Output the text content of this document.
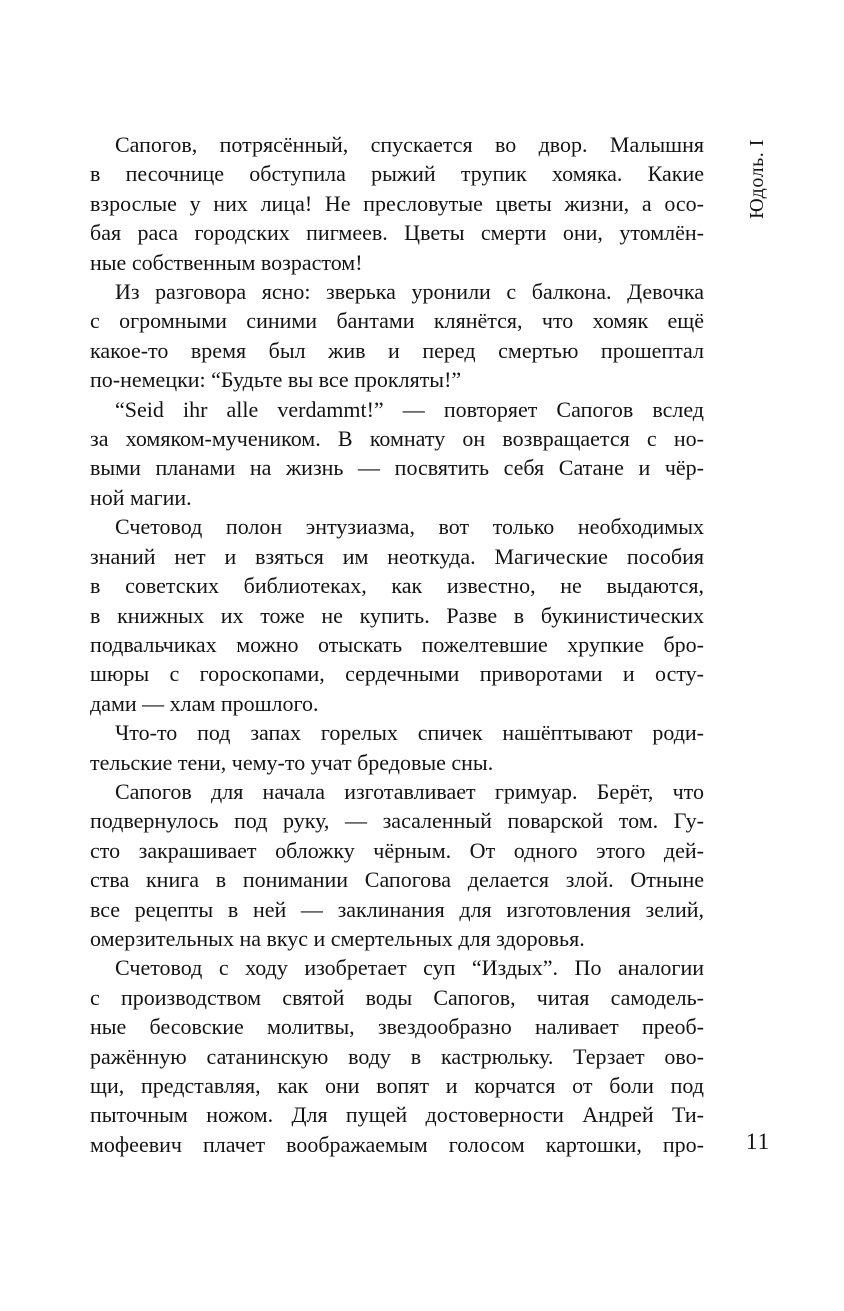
Юдоль. I

Сапогов, потрясённый, спускается во двор. Малышня
в песочнице обступила рыжий трупик хомяка. Какие
взрослые у них лица! Не пресловутые цветы жизни, а осо-
бая раса городских пигмеев. Цветы смерти они, утомлён-
ные собственным возрастом!

Из разговора ясно: зверька уронили с балкона. Девочка
с огромными синими бантами клянётся, что хомяк ещё
какое-то время был жив и перед смертью прошептал
по-немецки: “Будьте вы все прокляты!”

“Seid ihr alle verdammt!” — повторяет Сапогов вслед
за хомяком-мучеником. В комнату он возвращается с но-
выми планами на жизнь — посвятить себя Сатане и чёр-
ной магии.

Счетовод полон энтузиазма, вот только необходимых
знаний нет и взяться им неоткуда. Магические пособия
в советских библиотеках, как известно, не выдаются,
в книжных их тоже не купить. Разве в букинистических
подвальчиках можно отыскать пожелтевшие хрупкие бро-
шюры с гороскопами, сердечными приворотами и осту-
дами — хлам прошлого.

Что-то под запах горелых спичек нашёптывают роди-
тельские тени, чему-то учат бредовые сны.

Сапогов для начала изготавливает гримуар. Берёт, что
подвернулось под руку, — засаленный поварской том. Гу-
сто закрашивает обложку чёрным. От одного этого дей-
ства книга в понимании Сапогова делается злой. Отныне
все рецепты в ней — заклинания для изготовления зелий,
омерзительных на вкус и смертельных для здоровья.

Счетовод с ходу изобретает суп “Издых”. По аналогии
с производством святой воды Сапогов, читая самодель-
ные бесовские молитвы, звездообразно наливает преоб-
ражённую сатанинскую воду в кастрюльку. Терзает ово-
щи, представляя, как они вопят и корчатся от боли под
пыточным ножом. Для пущей достоверности Андрей Ти-
мофеевич плачет воображаемым голосом картошки, про-	11
